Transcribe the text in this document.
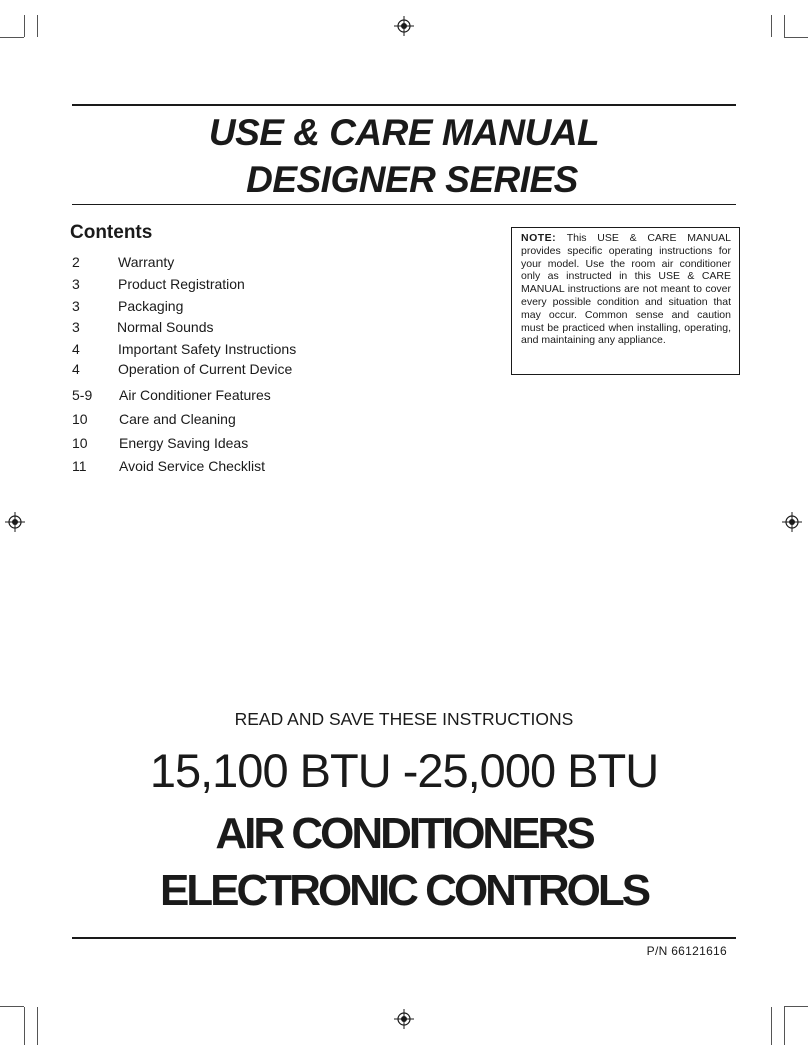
USE & CARE MANUAL
DESIGNER SERIES
Contents
2	Warranty
3	Product Registration
3	Packaging
3	Normal Sounds
4	Important Safety Instructions
4	Operation of Current Device
5-9 Air Conditioner Features
10 Care and Cleaning
10 Energy Saving Ideas
11 Avoid Service Checklist
NOTE: This USE & CARE MANUAL provides specific operating instructions for your model. Use the room air conditioner only as instructed in this USE & CARE MANUAL instructions are not meant to cover every possible condition and situation that may occur. Common sense and caution must be practiced when installing, operating, and maintaining any appliance.
READ AND SAVE THESE INSTRUCTIONS
15,100 BTU -25,000 BTU
AIR CONDITIONERS
ELECTRONIC CONTROLS
P/N 66121616
